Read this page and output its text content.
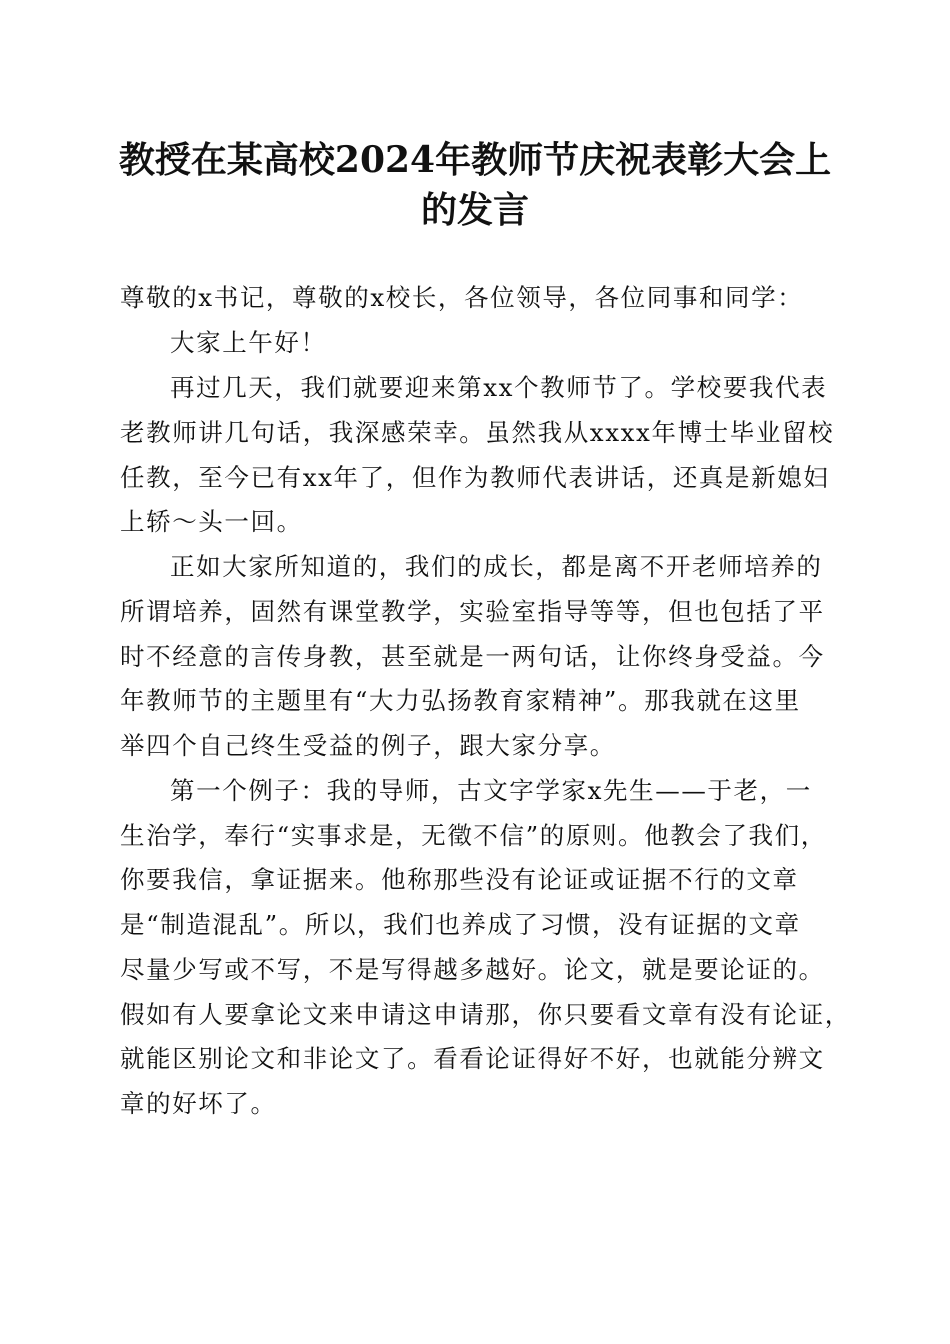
教授在某高校2024年教师节庆祝表彰大会上
的发言
尊敬的x书记，尊敬的x校长，各位领导，各位同事和同学：
大家上午好！
再过几天，我们就要迎来第xx个教师节了。学校要我代表
老教师讲几句话，我深感荣幸。虽然我从xxxx年博士毕业留校
任教，至今已有xx年了，但作为教师代表讲话，还真是新媳妇
上轿～头一回。
正如大家所知道的，我们的成长，都是离不开老师培养的
所谓培养，固然有课堂教学，实验室指导等等，但也包括了平
时不经意的言传身教，甚至就是一两句话，让你终身受益。今
年教师节的主题里有“大力弘扬教育家精神”。那我就在这里
举四个自己终生受益的例子，跟大家分享。
第一个例子：我的导师，古文字学家x先生——于老，一
生治学，奉行“实事求是，无徵不信”的原则。他教会了我们，
你要我信，拿证据来。他称那些没有论证或证据不行的文章
是“制造混乱”。所以，我们也养成了习惯，没有证据的文章
尽量少写或不写，不是写得越多越好。论文，就是要论证的。
假如有人要拿论文来申请这申请那，你只要看文章有没有论证，
就能区别论文和非论文了。看看论证得好不好，也就能分辨文
章的好坏了。
